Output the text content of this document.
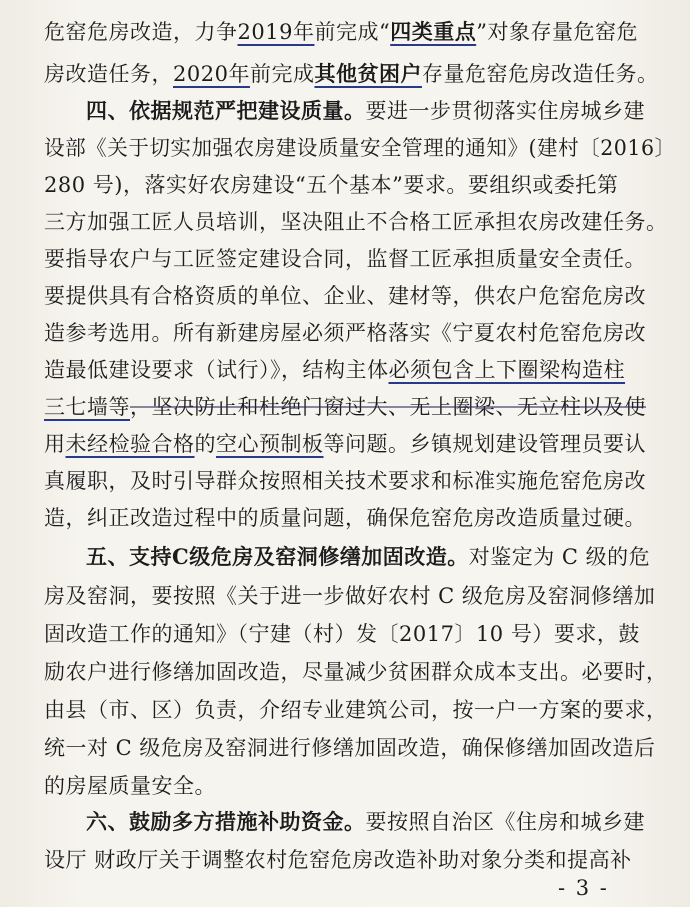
危窑危房改造，力争2019年前完成“四类重点”对象存量危窑危
房改造任务，2020年前完成其他贫困户存量危窑危房改造任务。
四、依据规范严把建设质量。要进一步贯彻落实住房城乡建
设部《关于切实加强农房建设质量安全管理的通知》(建村〔2016〕
280 号)，落实好农房建设“五个基本”要求。要组织或委托第
三方加强工匠人员培训，坚决阻止不合格工匠承担农房改建任务。
要指导农户与工匠签定建设合同，监督工匠承担质量安全责任。
要提供具有合格资质的单位、企业、建材等，供农户危窑危房改
造参考选用。所有新建房屋必须严格落实《宁夏农村危窑危房改
造最低建设要求（试行）》，结构主体必须包含上下圈梁构造柱
三七墙等，坚决防止和杜绝门窗过大、无上圈梁、无立柱以及使
用未经检验合格的空心预制板等问题。乡镇规划建设管理员要认
真履职，及时引导群众按照相关技术要求和标准实施危窑危房改
造，纠正改造过程中的质量问题，确保危窑危房改造质量过硬。
五、支持C级危房及窑洞修缮加固改造。对鉴定为 C 级的危
房及窑洞，要按照《关于进一步做好农村 C 级危房及窑洞修缮加
固改造工作的通知》（宁建（村）发〔2017〕10 号）要求，鼓
励农户进行修缮加固改造，尽量减少贫困群众成本支出。必要时，
由县（市、区）负责，介绍专业建筑公司，按一户一方案的要求，
统一对 C 级危房及窑洞进行修缮加固改造，确保修缮加固改造后
的房屋质量安全。
六、鼓励多方措施补助资金。要按照自治区《住房和城乡建
设厅 财政厅关于调整农村危窑危房改造补助对象分类和提高补
- 3 -
